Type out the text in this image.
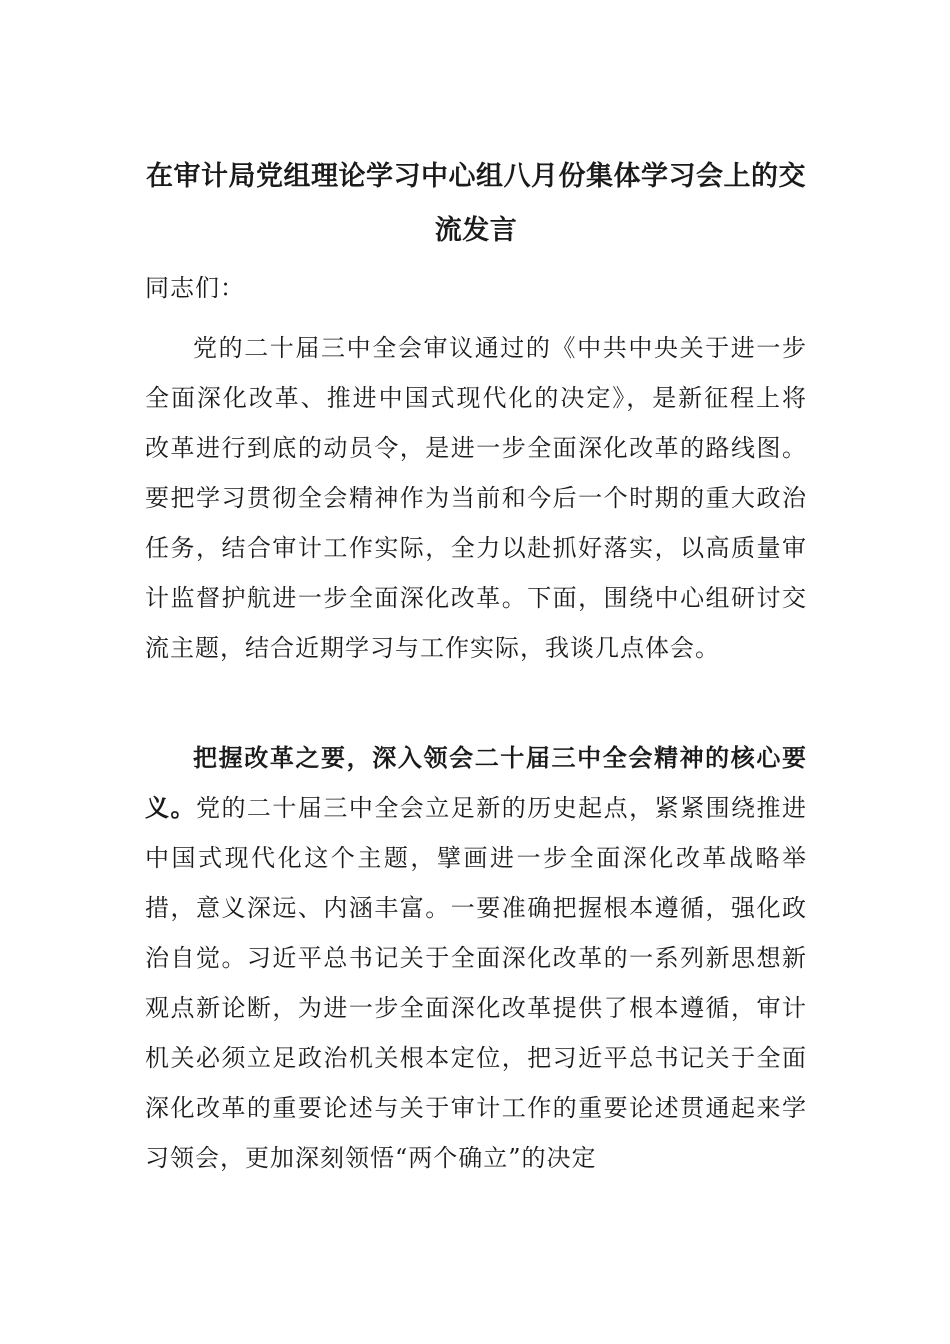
在审计局党组理论学习中心组八月份集体学习会上的交流发言

同志们：

党的二十届三中全会审议通过的《中共中央关于进一步全面深化改革、推进中国式现代化的决定》，是新征程上将改革进行到底的动员令，是进一步全面深化改革的路线图。要把学习贯彻全会精神作为当前和今后一个时期的重大政治任务，结合审计工作实际，全力以赴抓好落实，以高质量审计监督护航进一步全面深化改革。下面，围绕中心组研讨交流主题，结合近期学习与工作实际，我谈几点体会。

把握改革之要，深入领会二十届三中全会精神的核心要义。党的二十届三中全会立足新的历史起点，紧紧围绕推进中国式现代化这个主题，擘画进一步全面深化改革战略举措，意义深远、内涵丰富。一要准确把握根本遵循，强化政治自觉。习近平总书记关于全面深化改革的一系列新思想新观点新论断，为进一步全面深化改革提供了根本遵循，审计机关必须立足政治机关根本定位，把习近平总书记关于全面深化改革的重要论述与关于审计工作的重要论述贯通起来学习领会，更加深刻领悟“两个确立”的决定
